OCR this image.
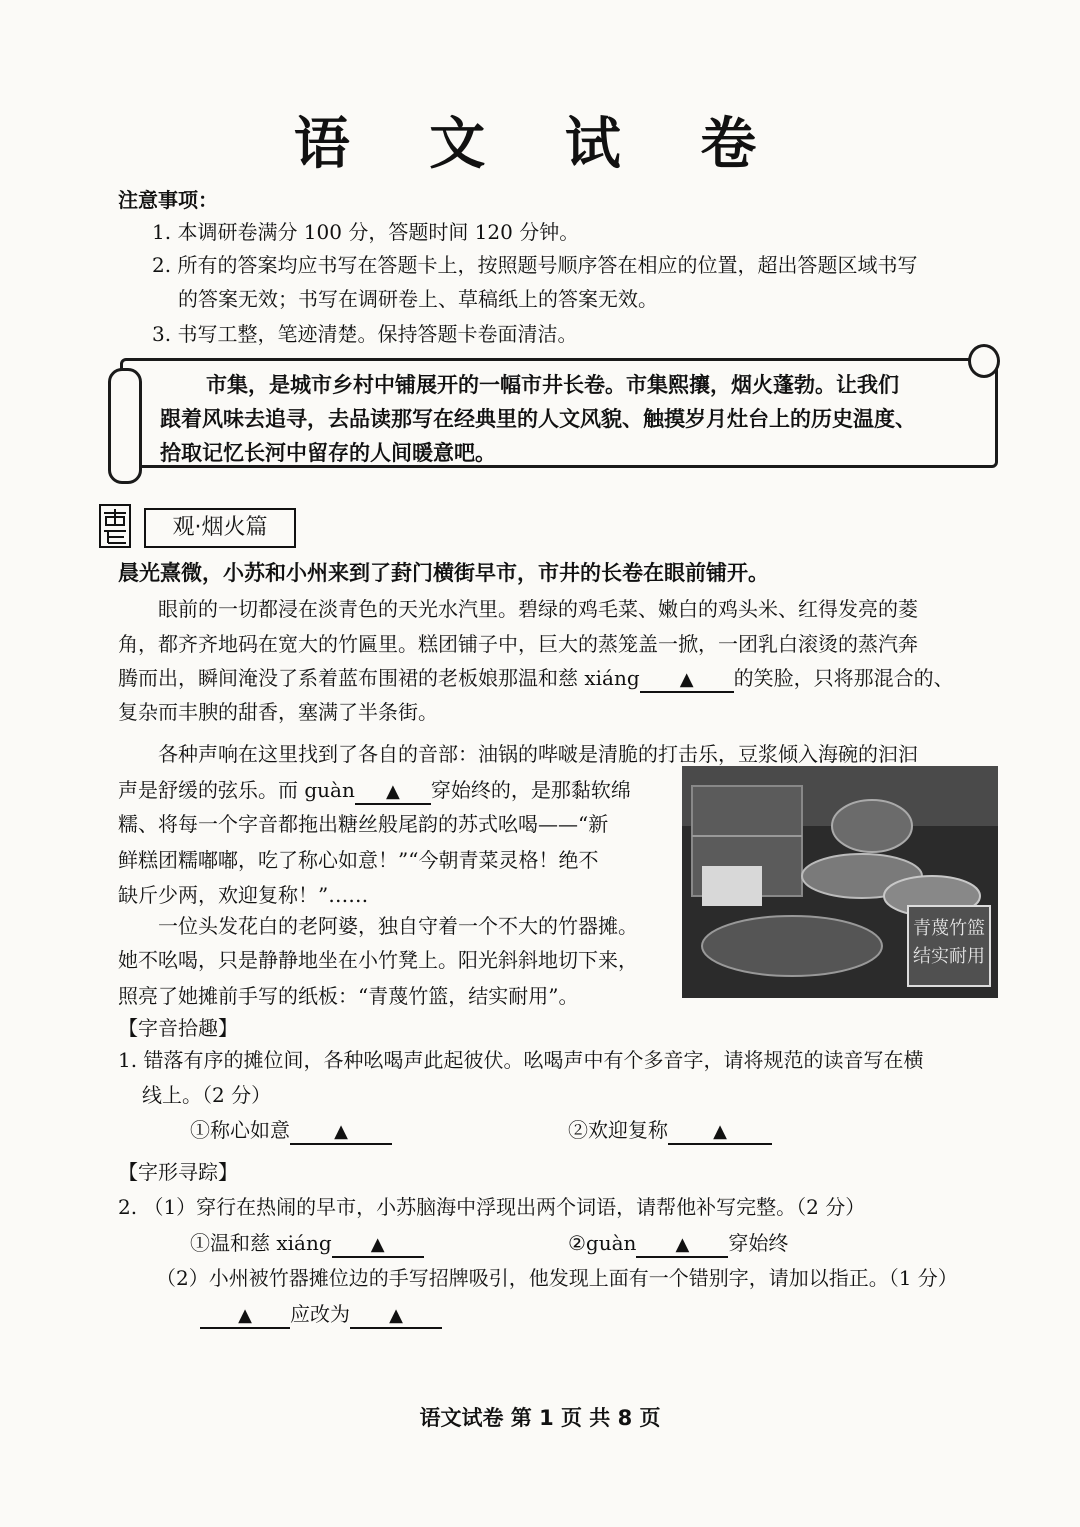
语 文 试 卷
注意事项：
1. 本调研卷满分 100 分，答题时间 120 分钟。
2. 所有的答案均应书写在答题卡上，按照题号顺序答在相应的位置，超出答题区域书写
的答案无效；书写在调研卷上、草稿纸上的答案无效。
3. 书写工整，笔迹清楚。保持答题卡卷面清洁。
市集，是城市乡村中铺展开的一幅市井长卷。市集熙攘，烟火蓬勃。让我们
跟着风味去追寻，去品读那写在经典里的人文风貌、触摸岁月灶台上的历史温度、
拾取记忆长河中留存的人间暖意吧。
观·烟火篇
晨光熹微，小苏和小州来到了葑门横街早市，市井的长卷在眼前铺开。
眼前的一切都浸在淡青色的天光水汽里。碧绿的鸡毛菜、嫩白的鸡头米、红得发亮的菱
角，都齐齐地码在宽大的竹匾里。糕团铺子中，巨大的蒸笼盖一掀，一团乳白滚烫的蒸汽奔
腾而出，瞬间淹没了系着蓝布围裙的老板娘那温和慈 xiáng ▲ 的笑脸，只将那混合的、
复杂而丰腴的甜香，塞满了半条街。
各种声响在这里找到了各自的音部：油锅的哔啵是清脆的打击乐，豆浆倾入海碗的汩汩
声是舒缓的弦乐。而 guàn ▲ 穿始终的，是那黏软绵
糯、将每一个字音都拖出糖丝般尾韵的苏式吆喝——“新
鲜糕团糯嘟嘟，吃了称心如意！”“今朝青菜灵格！绝不
缺斤少两，欢迎复称！”……
一位头发花白的老阿婆，独自守着一个不大的竹器摊。
她不吆喝，只是静静地坐在小竹凳上。阳光斜斜地切下来，
照亮了她摊前手写的纸板：“青蔑竹篮，结实耐用”。
青蔑竹篮
结实耐用
【字音拾趣】
1. 错落有序的摊位间，各种吆喝声此起彼伏。吆喝声中有个多音字，请将规范的读音写在横
线上。（2 分）
①称心如意 ▲	②欢迎复称	▲
【字形寻踪】
2. （1）穿行在热闹的早市，小苏脑海中浮现出两个词语，请帮他补写完整。（2 分）
①温和慈 xiáng ▲	②guàn ▲ 穿始终
（2）小州被竹器摊位边的手写招牌吸引，他发现上面有一个错别字，请加以指正。（1 分）
▲ 应改为 ▲
语文试卷 第 1 页 共 8 页
